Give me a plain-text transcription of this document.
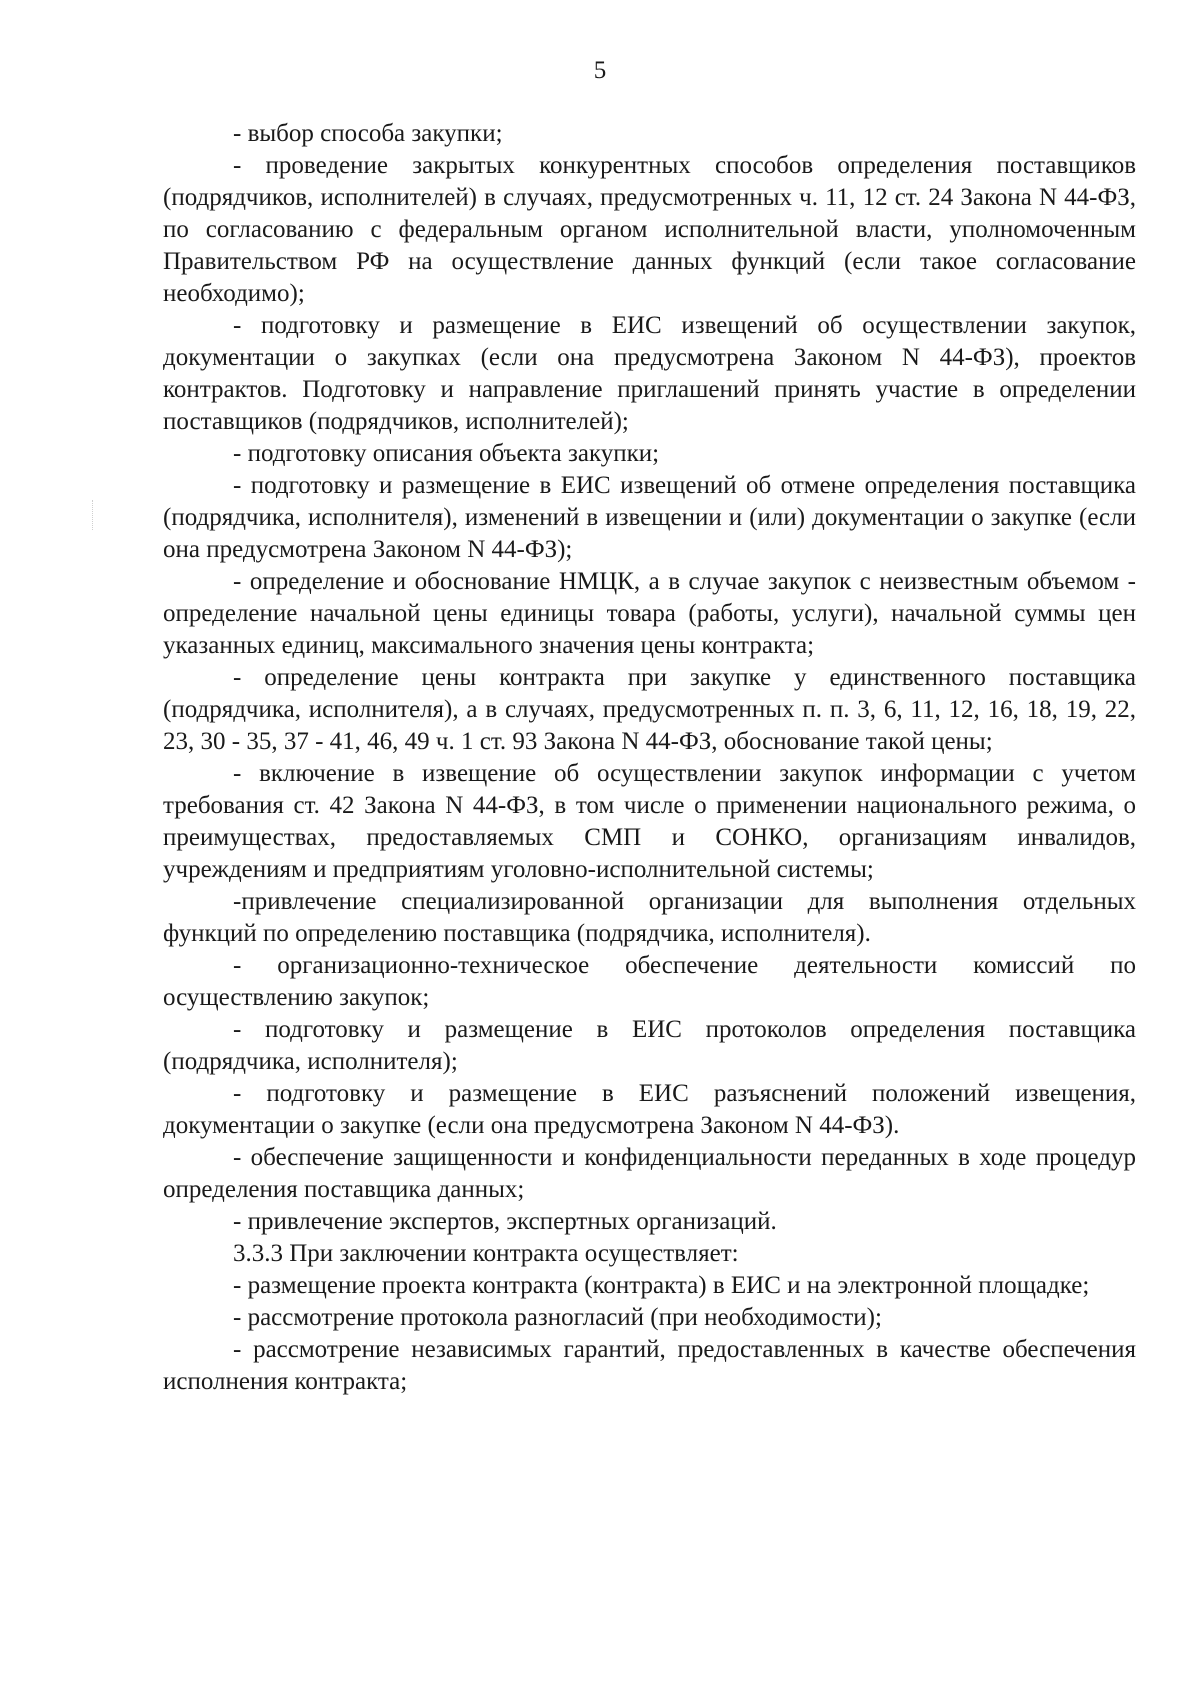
5

- выбор способа закупки;

- проведение закрытых конкурентных способов определения поставщиков (подрядчиков, исполнителей) в случаях, предусмотренных ч. 11, 12 ст. 24 Закона N 44-ФЗ, по согласованию с федеральным органом исполнительной власти, уполномоченным Правительством РФ на осуществление данных функций (если такое согласование необходимо);

- подготовку и размещение в ЕИС извещений об осуществлении закупок, документации о закупках (если она предусмотрена Законом N 44-ФЗ), проектов контрактов. Подготовку и направление приглашений принять участие в определении поставщиков (подрядчиков, исполнителей);

- подготовку описания объекта закупки;

- подготовку и размещение в ЕИС извещений об отмене определения поставщика (подрядчика, исполнителя), изменений в извещении и (или) документации о закупке (если она предусмотрена Законом N 44-ФЗ);

- определение и обоснование НМЦК, а в случае закупок с неизвестным объемом - определение начальной цены единицы товара (работы, услуги), начальной суммы цен указанных единиц, максимального значения цены контракта;

- определение цены контракта при закупке у единственного поставщика (подрядчика, исполнителя), а в случаях, предусмотренных п. п. 3, 6, 11, 12, 16, 18, 19, 22, 23, 30 - 35, 37 - 41, 46, 49 ч. 1 ст. 93 Закона N 44-ФЗ, обоснование такой цены;

- включение в извещение об осуществлении закупок информации с учетом требования ст. 42 Закона N 44-ФЗ, в том числе о применении национального режима, о преимуществах, предоставляемых СМП и СОНКО, организациям инвалидов, учреждениям и предприятиям уголовно-исполнительной системы;

-привлечение специализированной организации для выполнения отдельных функций по определению поставщика (подрядчика, исполнителя).

- организационно-техническое обеспечение деятельности комиссий по осуществлению закупок;

- подготовку и размещение в ЕИС протоколов определения поставщика (подрядчика, исполнителя);

- подготовку и размещение в ЕИС разъяснений положений извещения, документации о закупке (если она предусмотрена Законом N 44-ФЗ).

- обеспечение защищенности и конфиденциальности переданных в ходе процедур определения поставщика данных;

- привлечение экспертов, экспертных организаций.

3.3.3 При заключении контракта осуществляет:

- размещение проекта контракта (контракта) в ЕИС и на электронной площадке;

- рассмотрение протокола разногласий (при необходимости);

- рассмотрение независимых гарантий, предоставленных в качестве обеспечения исполнения контракта;
